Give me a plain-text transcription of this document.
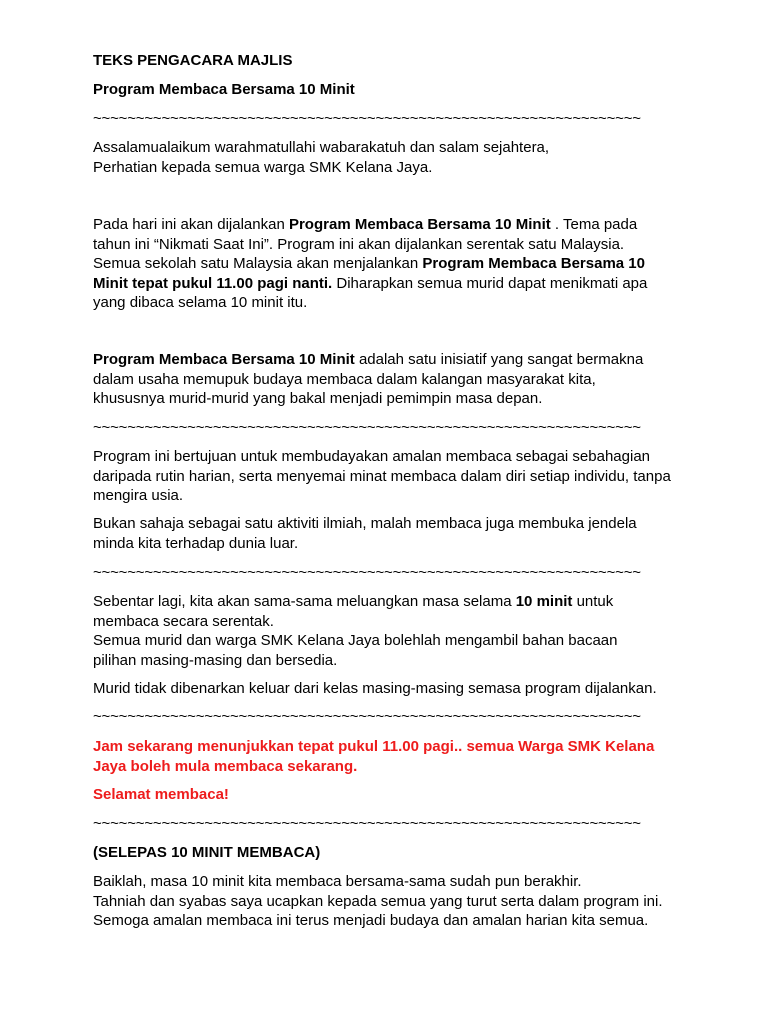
TEKS PENGACARA MAJLIS

Program Membaca Bersama 10 Minit

~~~~~~~~~~~~~~~~~~~~~~~~~~~~~~~~~~~~~~~~~~~~~~~~~~~~~~~~~~~~~~~~

Assalamualaikum warahmatullahi wabarakatuh dan salam sejahtera,

Perhatian kepada semua warga SMK Kelana Jaya.

Pada hari ini akan dijalankan Program Membaca Bersama 10 Minit . Tema pada tahun ini “Nikmati Saat Ini”. Program ini akan dijalankan serentak satu Malaysia. Semua sekolah satu Malaysia akan menjalankan Program Membaca Bersama 10 Minit tepat pukul 11.00 pagi nanti. Diharapkan semua murid dapat menikmati apa yang dibaca selama 10 minit itu.

Program Membaca Bersama 10 Minit adalah satu inisiatif yang sangat bermakna dalam usaha memupuk budaya membaca dalam kalangan masyarakat kita, khususnya murid-murid yang bakal menjadi pemimpin masa depan.

~~~~~~~~~~~~~~~~~~~~~~~~~~~~~~~~~~~~~~~~~~~~~~~~~~~~~~~~~~~~~~~~

Program ini bertujuan untuk membudayakan amalan membaca sebagai sebahagian daripada rutin harian, serta menyemai minat membaca dalam diri setiap individu, tanpa mengira usia.

Bukan sahaja sebagai satu aktiviti ilmiah, malah membaca juga membuka jendela minda kita terhadap dunia luar.

~~~~~~~~~~~~~~~~~~~~~~~~~~~~~~~~~~~~~~~~~~~~~~~~~~~~~~~~~~~~~~~~

Sebentar lagi, kita akan sama-sama meluangkan masa selama 10 minit untuk membaca secara serentak.

Semua murid dan warga SMK Kelana Jaya bolehlah mengambil bahan bacaan pilihan masing-masing dan bersedia.

Murid tidak dibenarkan keluar dari kelas masing-masing semasa program dijalankan.

~~~~~~~~~~~~~~~~~~~~~~~~~~~~~~~~~~~~~~~~~~~~~~~~~~~~~~~~~~~~~~~~

Jam sekarang menunjukkan tepat pukul 11.00 pagi.. semua Warga SMK Kelana Jaya boleh mula membaca sekarang.

Selamat membaca!

~~~~~~~~~~~~~~~~~~~~~~~~~~~~~~~~~~~~~~~~~~~~~~~~~~~~~~~~~~~~~~~~

(SELEPAS 10 MINIT MEMBACA)

Baiklah, masa 10 minit kita membaca bersama-sama sudah pun berakhir.

Tahniah dan syabas saya ucapkan kepada semua yang turut serta dalam program ini. Semoga amalan membaca ini terus menjadi budaya dan amalan harian kita semua.
